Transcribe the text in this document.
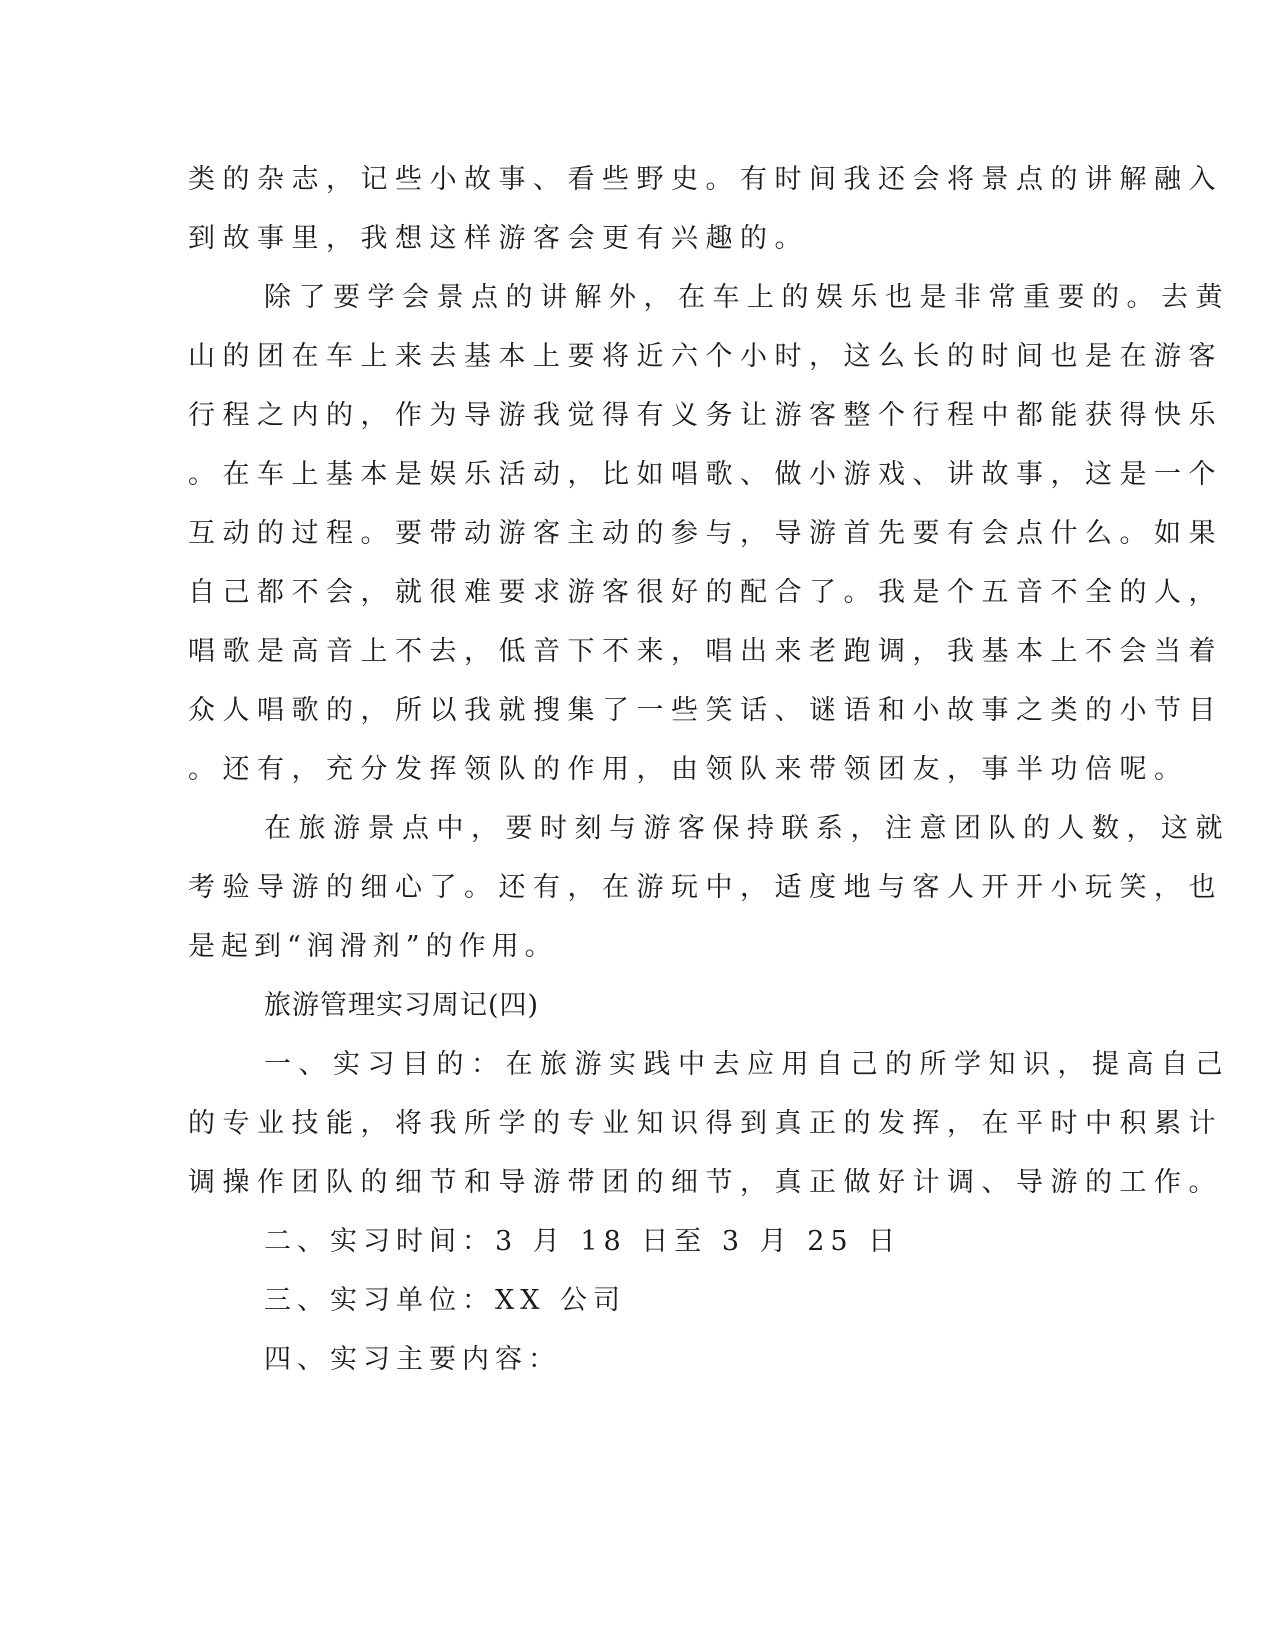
类的杂志，记些小故事、看些野史。有时间我还会将景点的讲解融入
到故事里，我想这样游客会更有兴趣的。
除了要学会景点的讲解外，在车上的娱乐也是非常重要的。去黄
山的团在车上来去基本上要将近六个小时，这么长的时间也是在游客
行程之内的，作为导游我觉得有义务让游客整个行程中都能获得快乐
。在车上基本是娱乐活动，比如唱歌、做小游戏、讲故事，这是一个
互动的过程。要带动游客主动的参与，导游首先要有会点什么。如果
自己都不会，就很难要求游客很好的配合了。我是个五音不全的人，
唱歌是高音上不去，低音下不来，唱出来老跑调，我基本上不会当着
众人唱歌的，所以我就搜集了一些笑话、谜语和小故事之类的小节目
。还有，充分发挥领队的作用，由领队来带领团友，事半功倍呢。
在旅游景点中，要时刻与游客保持联系，注意团队的人数，这就
考验导游的细心了。还有，在游玩中，适度地与客人开开小玩笑，也
是起到“润滑剂”的作用。
旅游管理实习周记(四)
一、实习目的：在旅游实践中去应用自己的所学知识，提高自己
的专业技能，将我所学的专业知识得到真正的发挥，在平时中积累计
调操作团队的细节和导游带团的细节，真正做好计调、导游的工作。
二、实习时间：3 月 18 日至 3 月 25 日
三、实习单位：XX 公司
四、实习主要内容：
